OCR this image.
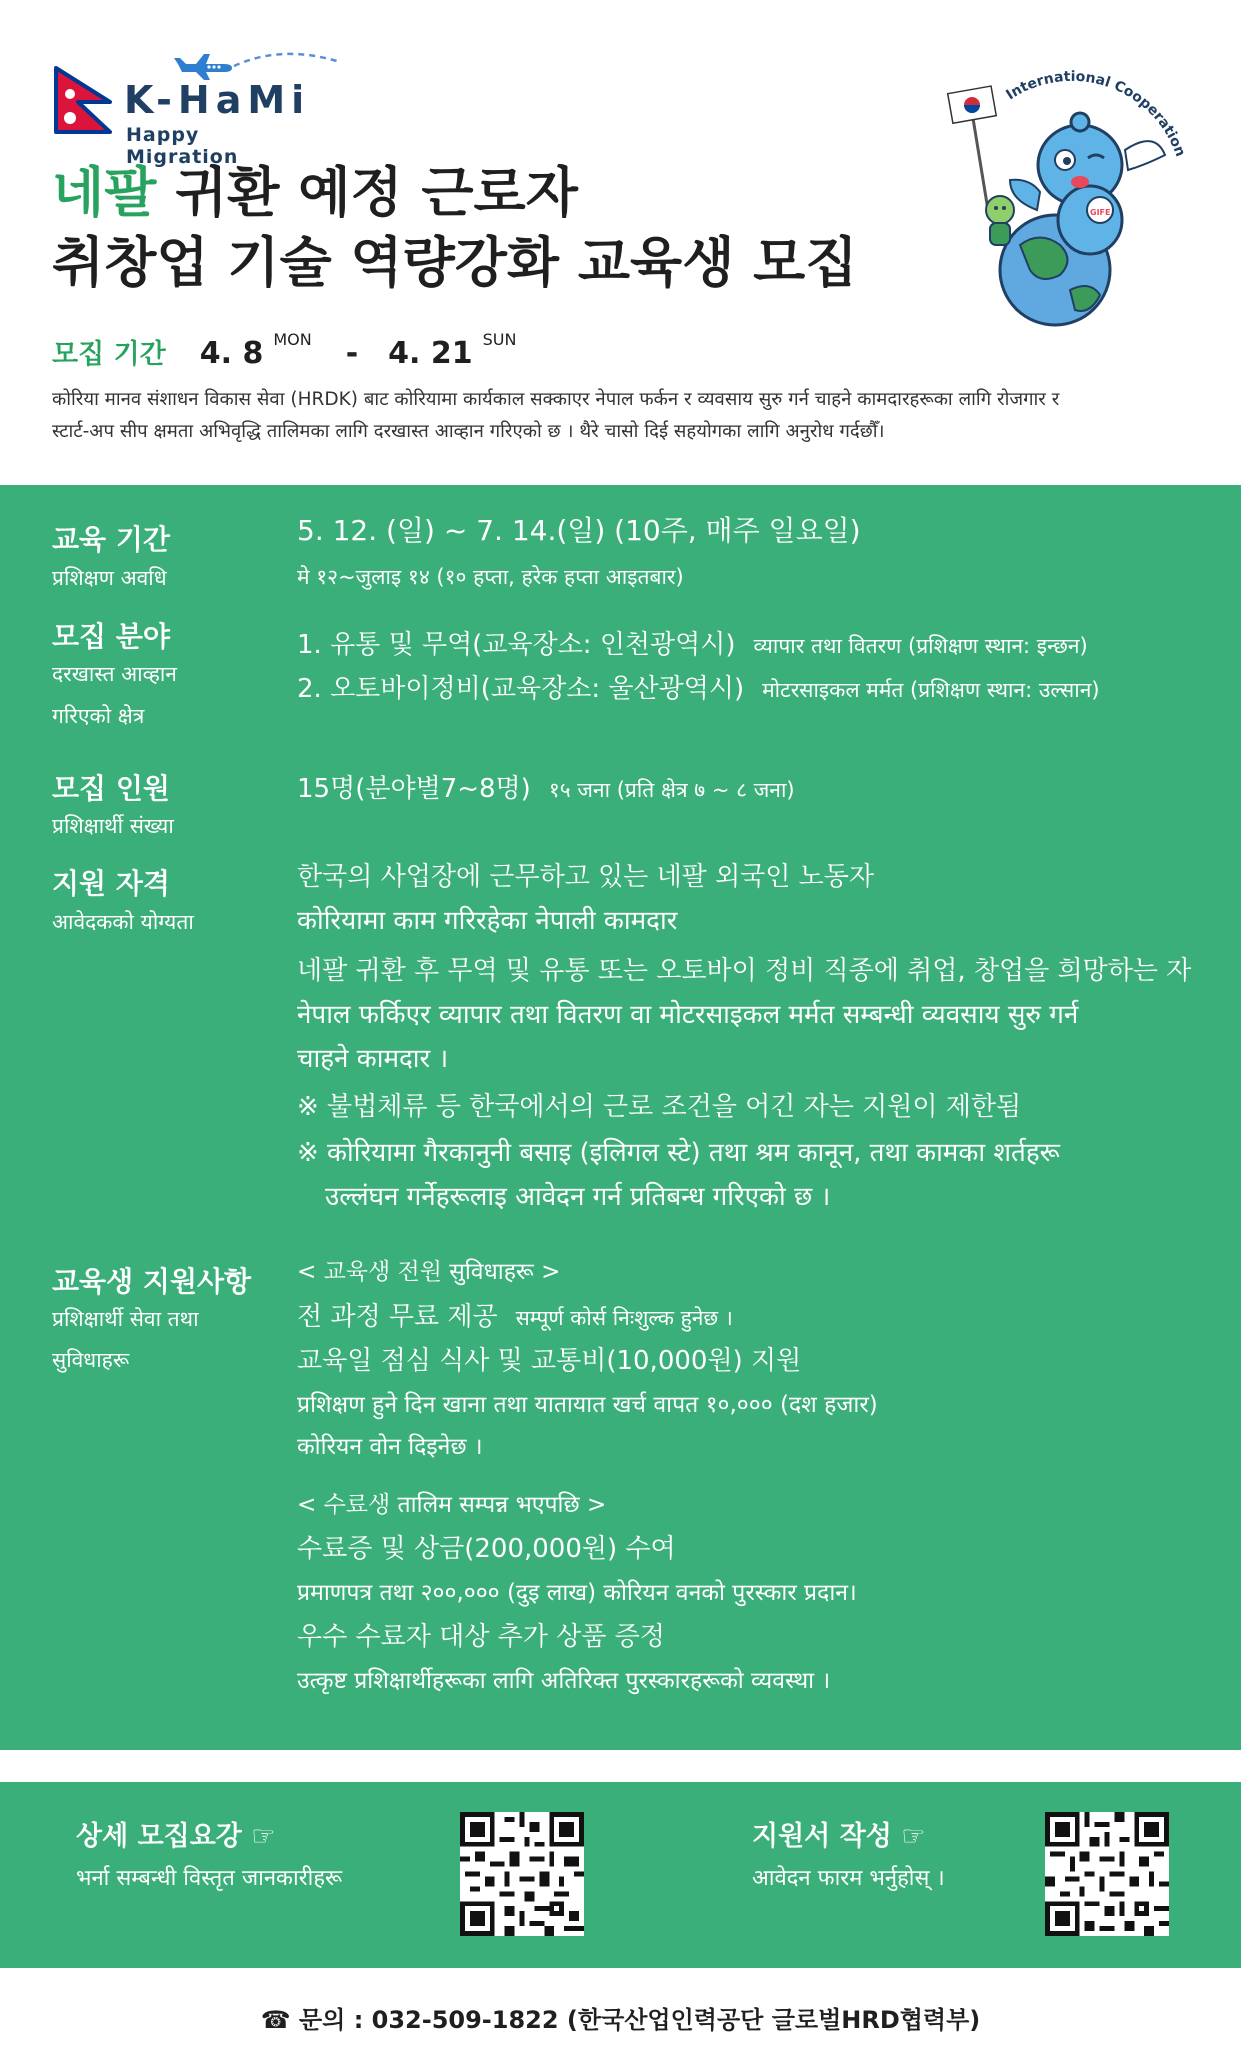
K-HaMi
Happy Migration
네팔 귀환 예정 근로자
취창업 기술 역량강화 교육생 모집
International Cooperation
GIFE
모집 기간 4. 8 MON - 4. 21 SUN
कोरिया मानव संशाधन विकास सेवा (HRDK) बाट कोरियामा कार्यकाल सक्काएर नेपाल फर्कन र व्यवसाय सुरु गर्न चाहने कामदारहरूका लागि रोजगार र
स्टार्ट-अप सीप क्षमता अभिवृद्धि तालिमका लागि दरखास्त आव्हान गरिएको छ । थैरे चासो दिई सहयोगका लागि अनुरोध गर्दछौँ।
교육 기간
प्रशिक्षण अवधि
5. 12. (일) ~ 7. 14.(일) (10주, 매주 일요일)
मे १२~जुलाइ १४ (१० हप्ता, हरेक हप्ता आइतबार)
모집 분야
दरखास्त आव्हान
गरिएको क्षेत्र
1. 유통 및 무역(교육장소: 인천광역시) व्यापार तथा वितरण (प्रशिक्षण स्थान: इन्छन)
2. 오토바이정비(교육장소: 울산광역시) मोटरसाइकल मर्मत (प्रशिक्षण स्थान: उल्सान)
모집 인원
प्रशिक्षार्थी संख्या
15명(분야별7~8명) १५ जना (प्रति क्षेत्र ७ ~ ८ जना)
지원 자격
आवेदकको योग्यता
한국의 사업장에 근무하고 있는 네팔 외국인 노동자
कोरियामा काम गरिरहेका नेपाली कामदार
네팔 귀환 후 무역 및 유통 또는 오토바이 정비 직종에 취업, 창업을 희망하는 자
नेपाल फर्किएर व्यापार तथा वितरण वा मोटरसाइकल मर्मत सम्बन्धी व्यवसाय सुरु गर्न
चाहने कामदार ।
※ 불법체류 등 한국에서의 근로 조건을 어긴 자는 지원이 제한됨
※ कोरियामा गैरकानुनी बसाइ (इलिगल स्टे) तथा श्रम कानून, तथा कामका शर्तहरू
उल्लंघन गर्नेहरूलाइ आवेदन गर्न प्रतिबन्ध गरिएको छ ।
교육생 지원사항
प्रशिक्षार्थी सेवा तथा
सुविधाहरू
< 교육생 전원 सुविधाहरू >
전 과정 무료 제공 सम्पूर्ण कोर्स निःशुल्क हुनेछ ।
교육일 점심 식사 및 교통비(10,000원) 지원
प्रशिक्षण हुने दिन खाना तथा यातायात खर्च वापत १०,००० (दश हजार)
कोरियन वोन दिइनेछ ।
< 수료생 तालिम सम्पन्न भएपछि >
수료증 및 상금(200,000원) 수여
प्रमाणपत्र तथा २००,००० (दुइ लाख) कोरियन वनको पुरस्कार प्रदान।
우수 수료자 대상 추가 상품 증정
उत्कृष्ट प्रशिक्षार्थीहरूका लागि अतिरिक्त पुरस्कारहरूको व्यवस्था ।
상세 모집요강 ☞
भर्ना सम्बन्धी विस्तृत जानकारीहरू
지원서 작성 ☞
आवेदन फारम भर्नुहोस् ।
☎ 문의 : 032-509-1822 (한국산업인력공단 글로벌HRD협력부)
